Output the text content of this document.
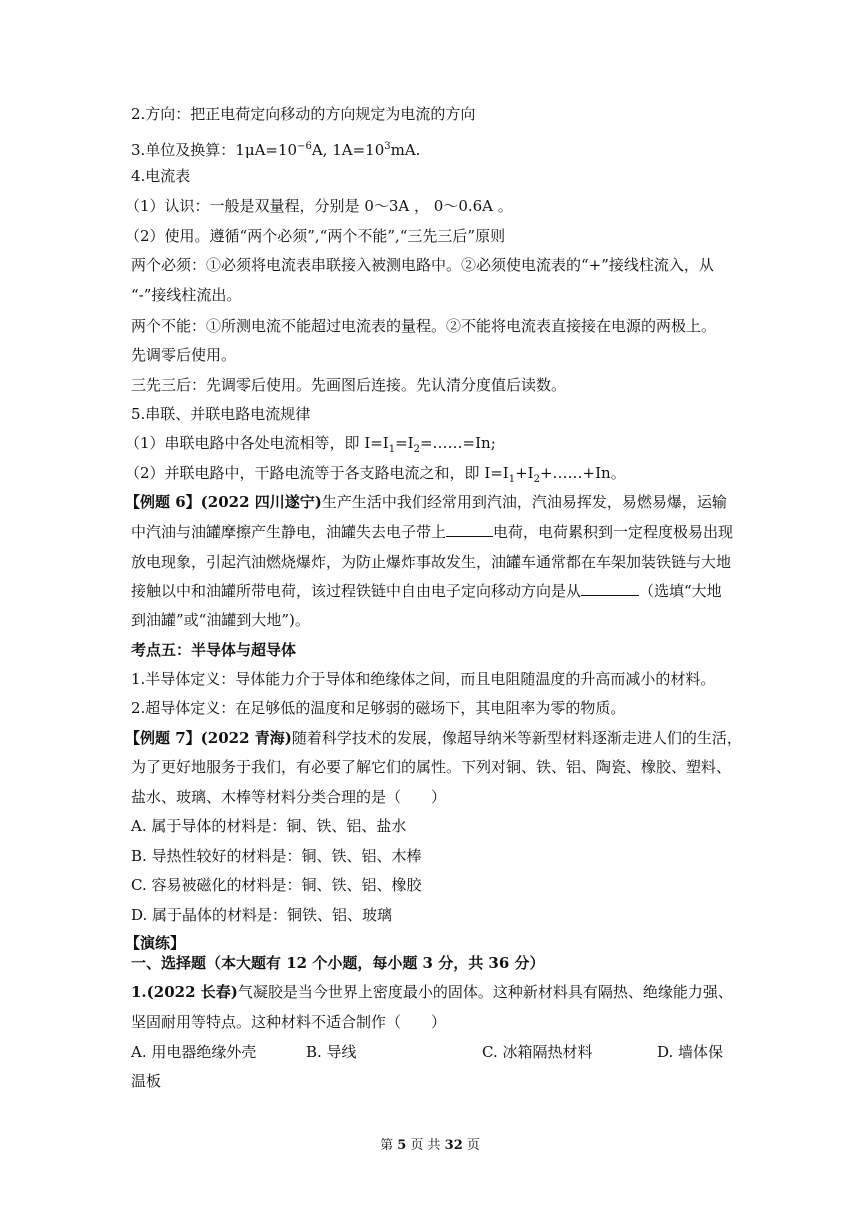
2.方向：把正电荷定向移动的方向规定为电流的方向
3.单位及换算：$1\mu A=10^{-6}A$, $1A=10^3mA$.
4.电流表
（1）认识：一般是双量程，分别是 0～3A ， 0～0.6A 。
（2）使用。遵循“两个必须”,“两个不能”,“三先三后”原则
两个必须：①必须将电流表串联接入被测电路中。②必须使电流表的“+”接线柱流入，从
“-”接线柱流出。
两个不能：①所测电流不能超过电流表的量程。②不能将电流表直接接在电源的两极上。
先调零后使用。
三先三后：先调零后使用。先画图后连接。先认清分度值后读数。
5.串联、并联电路电流规律
（1）串联电路中各处电流相等，即 $I=I_1=I_2=\dots\dots=In$;
（2）并联电路中，干路电流等于各支路电流之和，即 $I=I_1+I_2+\dots\dots+In$。
【例题 6】(2022 四川遂宁)生产生活中我们经常用到汽油，汽油易挥发，易燃易爆，运输
中汽油与油罐摩擦产生静电，油罐失去电子带上	电荷，电荷累积到一定程度极易出现
放电现象，引起汽油燃烧爆炸，为防止爆炸事故发生，油罐车通常都在车架加装铁链与大地
接触以中和油罐所带电荷，该过程铁链中自由电子定向移动方向是从	（选填“大地
到油罐”或“油罐到大地”)。
考点五：半导体与超导体
1.半导体定义：导体能力介于导体和绝缘体之间，而且电阻随温度的升高而减小的材料。
2.超导体定义：在足够低的温度和足够弱的磁场下，其电阻率为零的物质。
【例题 7】(2022 青海)随着科学技术的发展，像超导纳米等新型材料逐渐走进人们的生活，
为了更好地服务于我们，有必要了解它们的属性。下列对铜、铁、铝、陶瓷、橡胶、塑料、
盐水、玻璃、木棒等材料分类合理的是（　　）
A. 属于导体的材料是：铜、铁、铝、盐水
B. 导热性较好的材料是：铜、铁、铝、木棒
C. 容易被磁化的材料是：铜、铁、铝、橡胶
D. 属于晶体的材料是：铜铁、铝、玻璃
【演练】
一、选择题（本大题有 12 个小题，每小题 3 分，共 36 分）
1.(2022 长春)气凝胶是当今世界上密度最小的固体。这种新材料具有隔热、绝缘能力强、
坚固耐用等特点。这种材料不适合制作（　　）
A. 用电器绝缘外壳	B. 导线	C. 冰箱隔热材料	D. 墙体保
温板
第 5 页 共 32 页
